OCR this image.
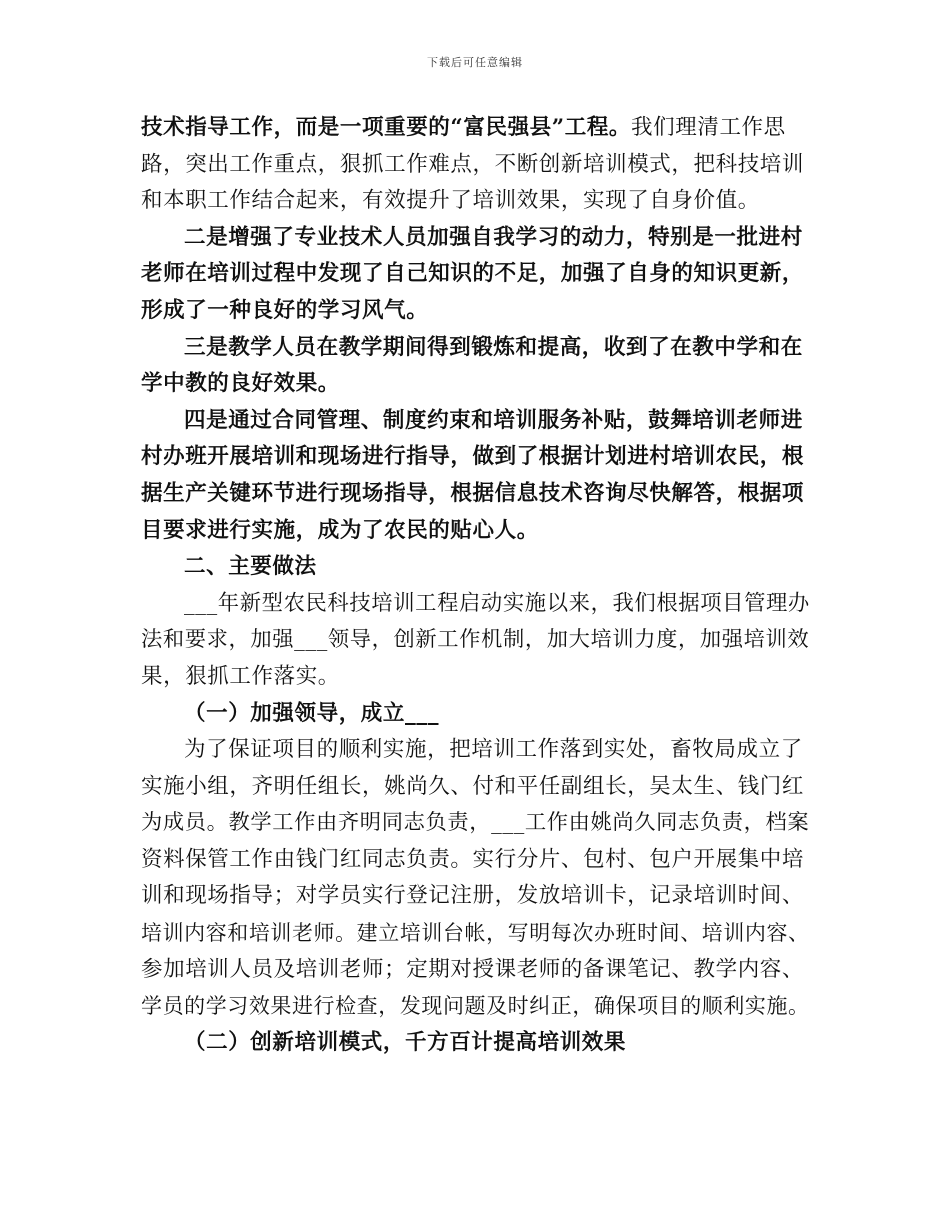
下载后可任意编辑
技术指导工作，而是一项重要的“富民强县”工程。我们理清工作思
路，突出工作重点，狠抓工作难点，不断创新培训模式，把科技培训
和本职工作结合起来，有效提升了培训效果，实现了自身价值。
二是增强了专业技术人员加强自我学习的动力，特别是一批进村
老师在培训过程中发现了自己知识的不足，加强了自身的知识更新，
形成了一种良好的学习风气。
三是教学人员在教学期间得到锻炼和提高，收到了在教中学和在
学中教的良好效果。
四是通过合同管理、制度约束和培训服务补贴，鼓舞培训老师进
村办班开展培训和现场进行指导，做到了根据计划进村培训农民，根
据生产关键环节进行现场指导，根据信息技术咨询尽快解答，根据项
目要求进行实施，成为了农民的贴心人。
二、主要做法
___年新型农民科技培训工程启动实施以来，我们根据项目管理办
法和要求，加强___领导，创新工作机制，加大培训力度，加强培训效
果，狠抓工作落实。
（一）加强领导，成立___
为了保证项目的顺利实施，把培训工作落到实处，畜牧局成立了
实施小组，齐明任组长，姚尚久、付和平任副组长，吴太生、钱门红
为成员。教学工作由齐明同志负责，___工作由姚尚久同志负责，档案
资料保管工作由钱门红同志负责。实行分片、包村、包户开展集中培
训和现场指导；对学员实行登记注册，发放培训卡，记录培训时间、
培训内容和培训老师。建立培训台帐，写明每次办班时间、培训内容、
参加培训人员及培训老师；定期对授课老师的备课笔记、教学内容、
学员的学习效果进行检查，发现问题及时纠正，确保项目的顺利实施。
（二）创新培训模式，千方百计提高培训效果
